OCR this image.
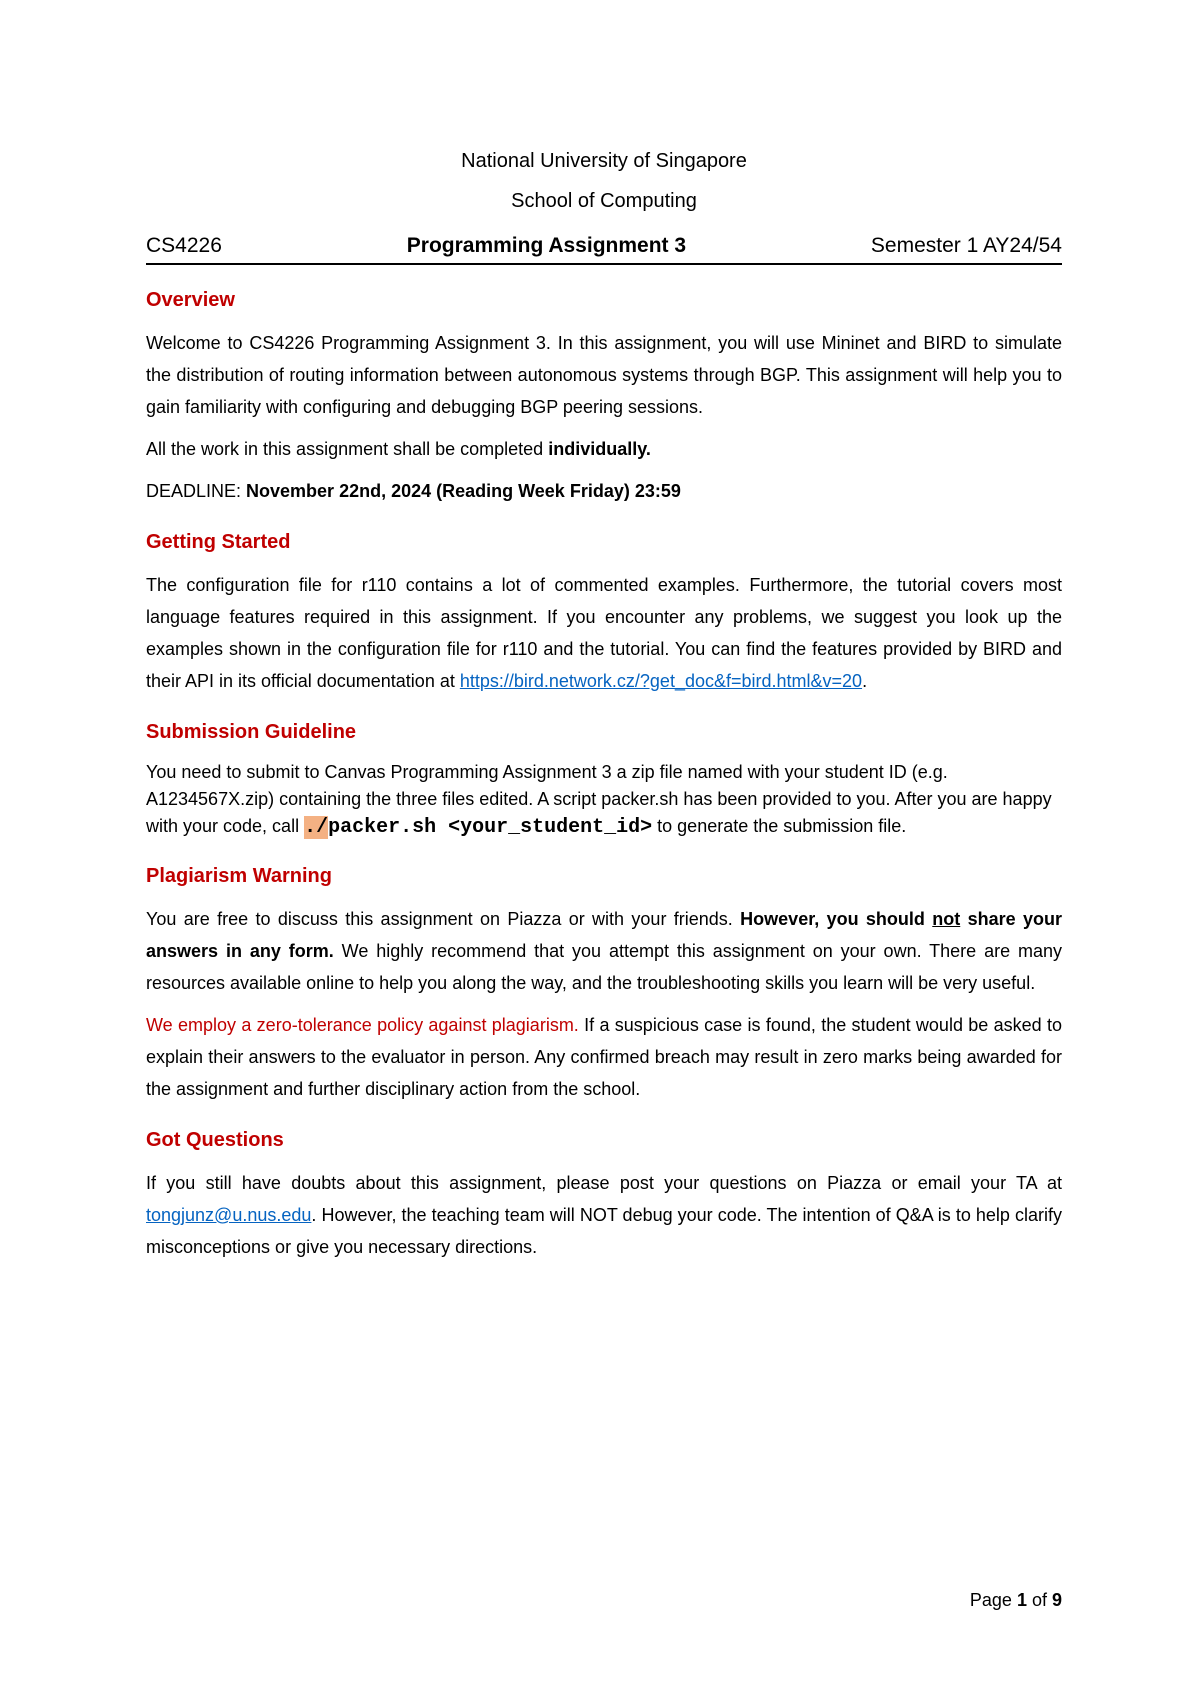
National University of Singapore
School of Computing
CS4226	Programming Assignment 3	Semester 1 AY24/54
Overview

Welcome to CS4226 Programming Assignment 3. In this assignment, you will use Mininet and BIRD to simulate the distribution of routing information between autonomous systems through BGP. This assignment will help you to gain familiarity with configuring and debugging BGP peering sessions.

All the work in this assignment shall be completed individually.

DEADLINE: November 22nd, 2024 (Reading Week Friday) 23:59

Getting Started

The configuration file for r110 contains a lot of commented examples. Furthermore, the tutorial covers most language features required in this assignment. If you encounter any problems, we suggest you look up the examples shown in the configuration file for r110 and the tutorial. You can find the features provided by BIRD and their API in its official documentation at https://bird.network.cz/?get_doc&f=bird.html&v=20.

Submission Guideline

You need to submit to Canvas Programming Assignment 3 a zip file named with your student ID (e.g. A1234567X.zip) containing the three files edited. A script packer.sh has been provided to you. After you are happy with your code, call ./packer.sh <your_student_id> to generate the submission file.

Plagiarism Warning

You are free to discuss this assignment on Piazza or with your friends. However, you should not share your answers in any form. We highly recommend that you attempt this assignment on your own. There are many resources available online to help you along the way, and the troubleshooting skills you learn will be very useful.

We employ a zero-tolerance policy against plagiarism. If a suspicious case is found, the student would be asked to explain their answers to the evaluator in person. Any confirmed breach may result in zero marks being awarded for the assignment and further disciplinary action from the school.

Got Questions

If you still have doubts about this assignment, please post your questions on Piazza or email your TA at tongjunz@u.nus.edu. However, the teaching team will NOT debug your code. The intention of Q&A is to help clarify misconceptions or give you necessary directions.

Page 1 of 9
